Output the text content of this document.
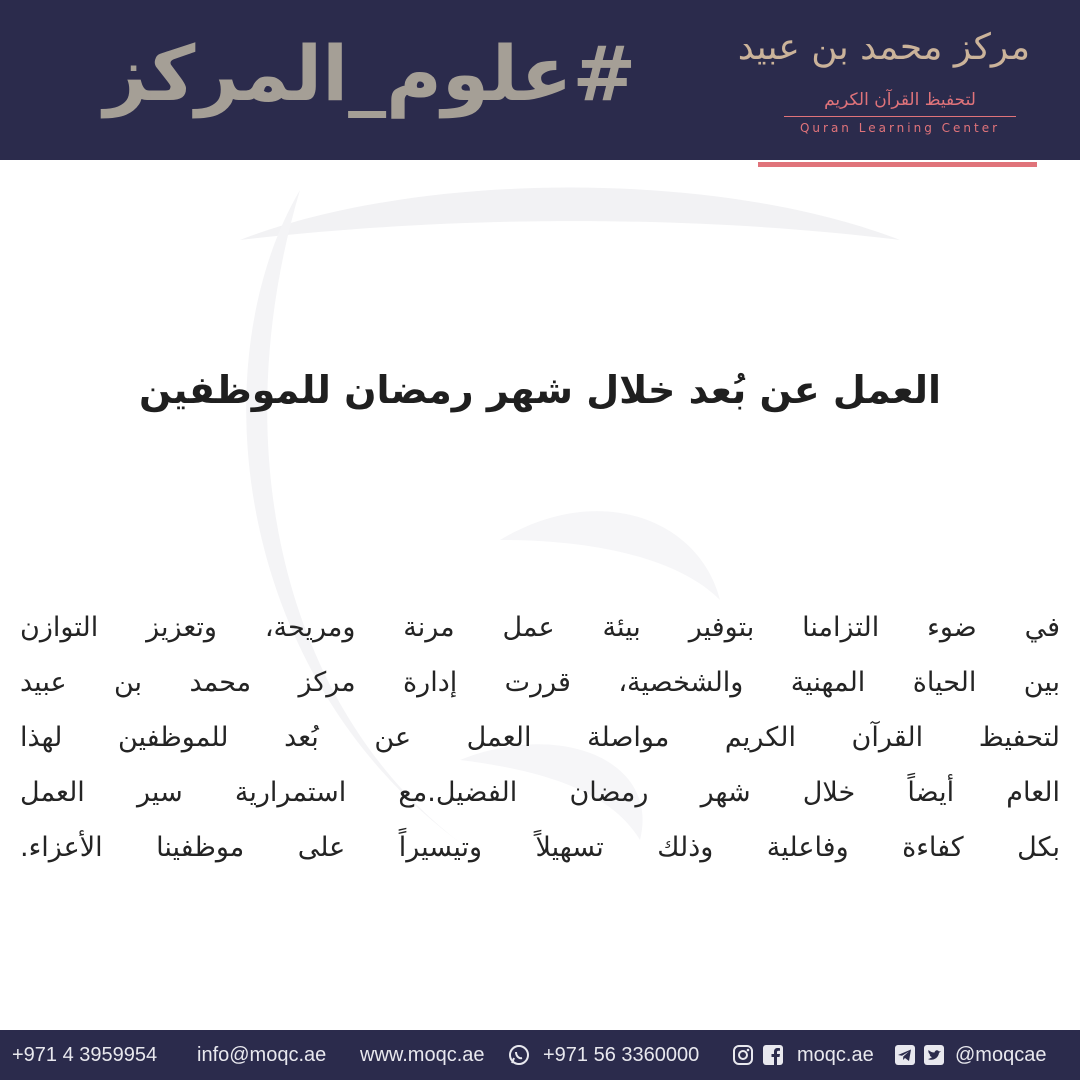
#علوم_المركز	مركز محمد بن عبيد
لتحفيظ القرآن الكريم
Quran Learning Center
العمل عن بُعد خلال شهر رمضان للموظفين
في ضوء التزامنا بتوفير بيئة عمل مرنة ومريحة، وتعزيز التوازن
بين الحياة المهنية والشخصية، قررت إدارة مركز محمد بن عبيد
لتحفيظ القرآن الكريم مواصلة العمل عن بُعد للموظفين لهذا
العام أيضاً خلال شهر رمضان الفضيل.مع استمرارية سير العمل
بكل كفاءة وفاعلية وذلك تسهيلاً وتيسيراً على موظفينا الأعزاء.
+971 4 3959954 info@moqc.ae www.moqc.ae	+971 56 3360000	moqc.ae	@moqcae
